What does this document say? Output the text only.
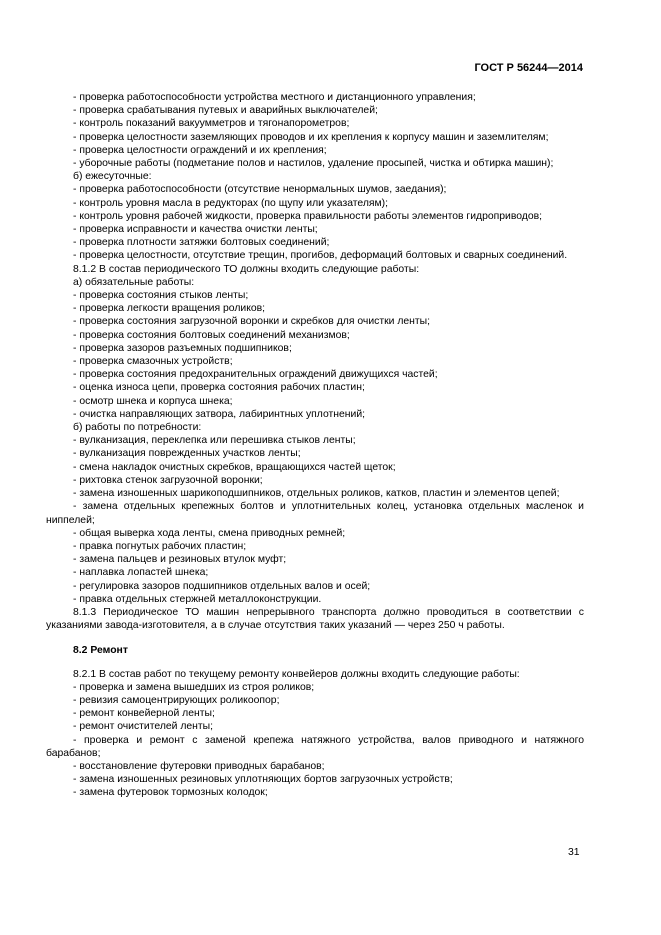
ГОСТ Р 56244—2014
- проверка работоспособности устройства местного и дистанционного управления;
- проверка срабатывания путевых и аварийных выключателей;
- контроль показаний вакуумметров и тягонапорометров;
- проверка целостности заземляющих проводов и их крепления к корпусу машин и заземлителям;
- проверка целостности ограждений и их крепления;
- уборочные работы (подметание полов и настилов, удаление просыпей, чистка и обтирка машин);
б) ежесуточные:
- проверка работоспособности (отсутствие ненормальных шумов, заедания);
- контроль уровня масла в редукторах (по щупу или указателям);
- контроль уровня рабочей жидкости, проверка правильности работы элементов гидроприводов;
- проверка исправности и качества очистки ленты;
- проверка плотности затяжки болтовых соединений;
- проверка целостности, отсутствие трещин, прогибов, деформаций болтовых и сварных соединений.
8.1.2 В состав периодического ТО должны входить следующие работы:
а) обязательные работы:
- проверка состояния стыков ленты;
- проверка легкости вращения роликов;
- проверка состояния загрузочной воронки и скребков для очистки ленты;
- проверка состояния болтовых соединений механизмов;
- проверка зазоров разъемных подшипников;
- проверка смазочных устройств;
- проверка состояния предохранительных ограждений движущихся частей;
- оценка износа цепи, проверка состояния рабочих пластин;
- осмотр шнека и корпуса шнека;
- очистка направляющих затвора, лабиринтных уплотнений;
б) работы по потребности:
- вулканизация, переклепка или перешивка стыков ленты;
- вулканизация поврежденных участков ленты;
- смена накладок очистных скребков, вращающихся частей щеток;
- рихтовка стенок загрузочной воронки;
- замена изношенных шарикоподшипников, отдельных роликов, катков, пластин и элементов цепей;
- замена отдельных крепежных болтов и уплотнительных колец, установка отдельных масленок и ниппелей;
- общая выверка хода ленты, смена приводных ремней;
- правка погнутых рабочих пластин;
- замена пальцев и резиновых втулок муфт;
- наплавка лопастей шнека;
- регулировка зазоров подшипников отдельных валов и осей;
- правка отдельных стержней металлоконструкции.
8.1.3 Периодическое ТО машин непрерывного транспорта должно проводиться в соответствии с указаниями завода-изготовителя, а в случае отсутствия таких указаний — через 250 ч работы.
8.2 Ремонт
8.2.1 В состав работ по текущему ремонту конвейеров должны входить следующие работы:
- проверка и замена вышедших из строя роликов;
- ревизия самоцентрирующих роликоопор;
- ремонт конвейерной ленты;
- ремонт очистителей ленты;
- проверка и ремонт с заменой крепежа натяжного устройства, валов приводного и натяжного барабанов;
- восстановление футеровки приводных барабанов;
- замена изношенных резиновых уплотняющих бортов загрузочных устройств;
- замена футеровок тормозных колодок;
31
